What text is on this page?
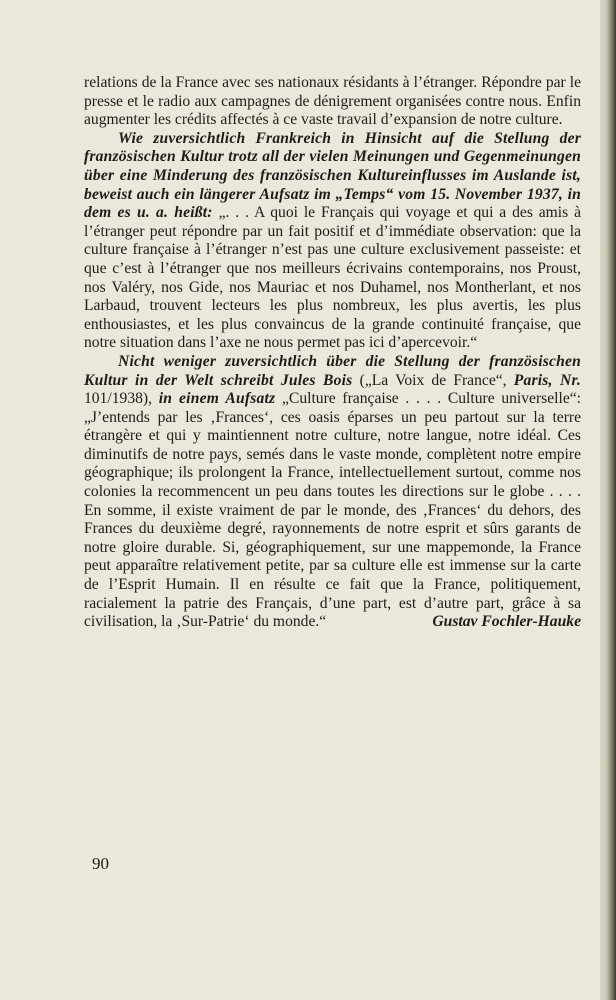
relations de la France avec ses nationaux résidants à l’étranger. Répondre par le presse et le radio aux campagnes de dénigrement organisées contre nous. Enfin augmenter les crédits affectés à ce vaste travail d’expansion de notre culture.

Wie zuversichtlich Frankreich in Hinsicht auf die Stellung der französischen Kultur trotz all der vielen Meinungen und Gegenmeinungen über eine Minderung des französischen Kultureinflusses im Auslande ist, beweist auch ein längerer Aufsatz im „Temps“ vom 15. November 1937, in dem es u. a. heißt: „. . . A quoi le Français qui voyage et qui a des amis à l’étranger peut répondre par un fait positif et d’immédiate observation: que la culture française à l’étranger n’est pas une culture exclusivement passeiste: et que c’est à l’étranger que nos meilleurs écrivains contemporains, nos Proust, nos Valéry, nos Gide, nos Mauriac et nos Duhamel, nos Montherlant, et nos Larbaud, trouvent lecteurs les plus nombreux, les plus avertis, les plus enthousiastes, et les plus convaincus de la grande continuité française, que notre situation dans l’axe ne nous permet pas ici d’apercevoir.“

Nicht weniger zuversichtlich über die Stellung der französischen Kultur in der Welt schreibt Jules Bois („La Voix de France“, Paris, Nr. 101/1938), in einem Aufsatz „Culture française . . . . Culture universelle“: „J’entends par les ‚Frances‘, ces oasis éparses un peu partout sur la terre étrangère et qui y maintiennent notre culture, notre langue, notre idéal. Ces diminutifs de notre pays, semés dans le vaste monde, complètent notre empire géographique; ils prolongent la France, intellectuellement surtout, comme nos colonies la recommencent un peu dans toutes les directions sur le globe . . . . En somme, il existe vraiment de par le monde, des ‚Frances‘ du dehors, des Frances du deuxième degré, rayonnements de notre esprit et sûrs garants de notre gloire durable. Si, géographiquement, sur une mappemonde, la France peut apparaître relativement petite, par sa culture elle est immense sur la carte de l’Esprit Humain. Il en résulte ce fait que la France, politiquement, racialement la patrie des Français, d’une part, est d’autre part, grâce à sa civilisation, la ‚Sur-Patrie‘ du monde.“	Gustav Fochler-Hauke

90
